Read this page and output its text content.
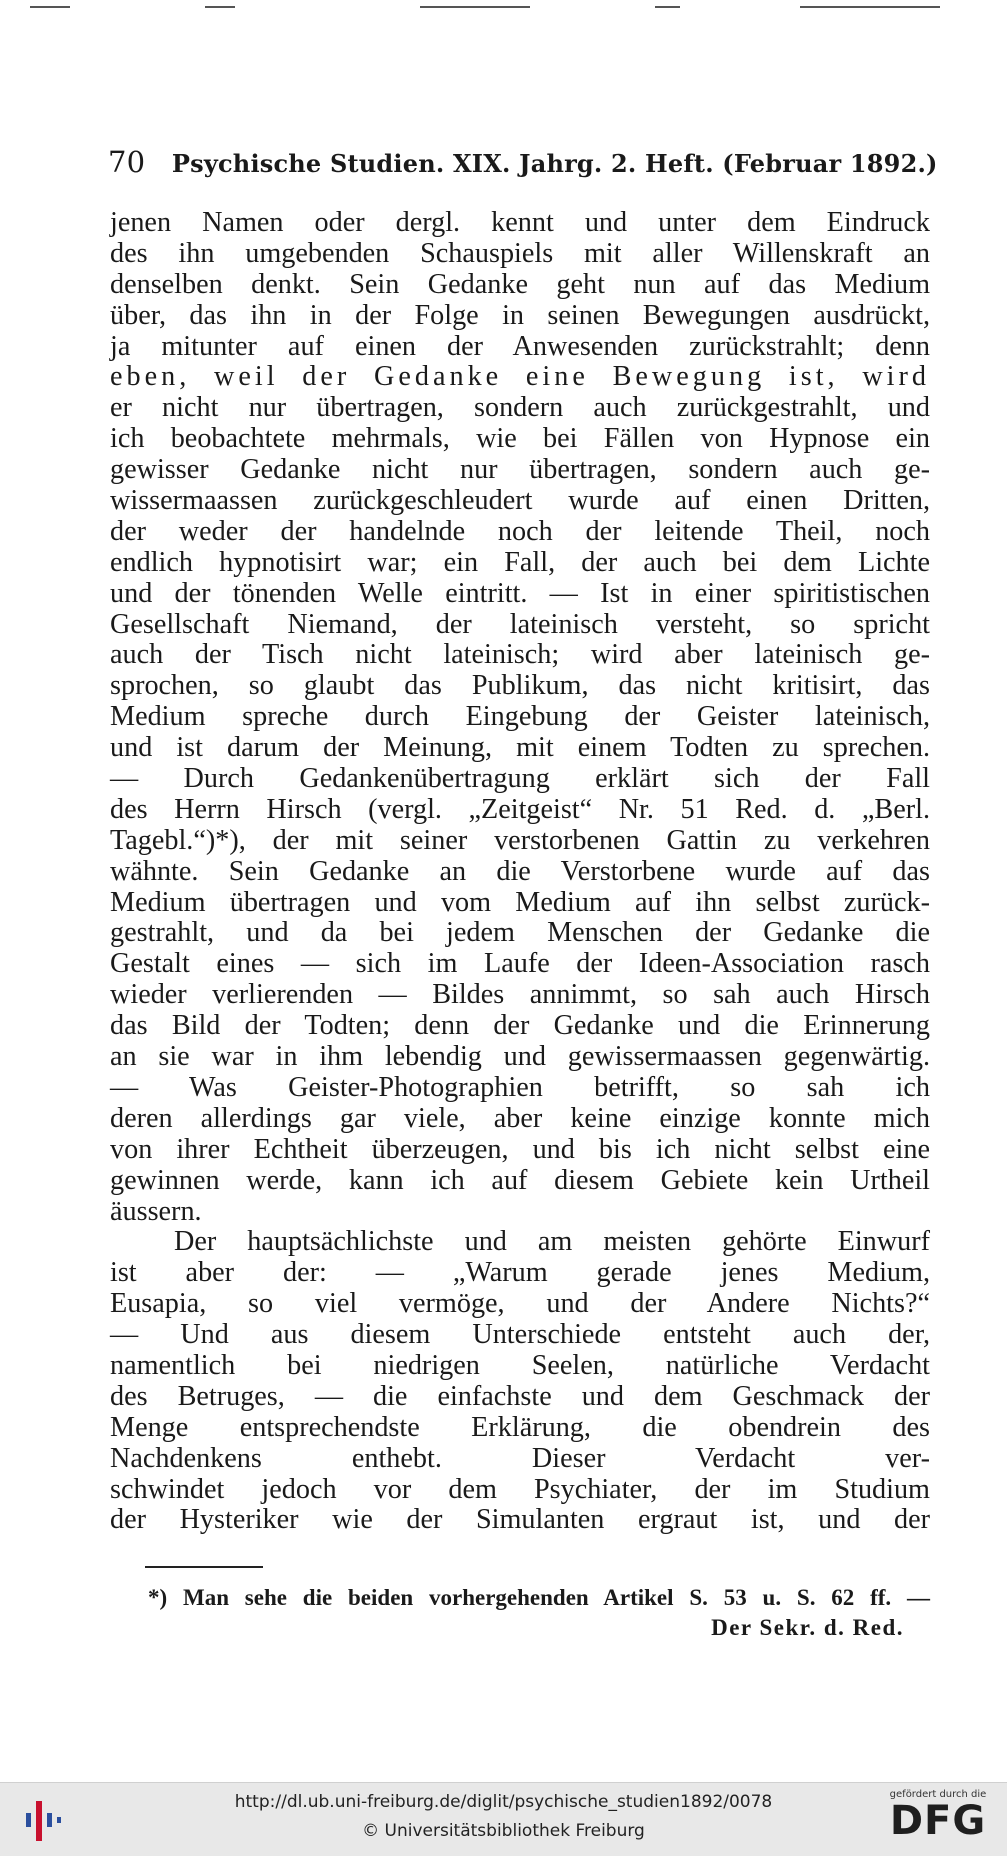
70 Psychische Studien. XIX. Jahrg. 2. Heft. (Februar 1892.)
jenen Namen oder dergl. kennt und unter dem Eindruck
des ihn umgebenden Schauspiels mit aller Willenskraft an
denselben denkt. Sein Gedanke geht nun auf das Medium
über, das ihn in der Folge in seinen Bewegungen ausdrückt,
ja mitunter auf einen der Anwesenden zurückstrahlt; denn
eben, weil der Gedanke eine Bewegung ist, wird
er nicht nur übertragen, sondern auch zurückgestrahlt, und
ich beobachtete mehrmals, wie bei Fällen von Hypnose ein
gewisser Gedanke nicht nur übertragen, sondern auch ge-
wissermaassen zurückgeschleudert wurde auf einen Dritten,
der weder der handelnde noch der leitende Theil, noch
endlich hypnotisirt war; ein Fall, der auch bei dem Lichte
und der tönenden Welle eintritt. — Ist in einer spiritistischen
Gesellschaft Niemand, der lateinisch versteht, so spricht
auch der Tisch nicht lateinisch; wird aber lateinisch ge-
sprochen, so glaubt das Publikum, das nicht kritisirt, das
Medium spreche durch Eingebung der Geister lateinisch,
und ist darum der Meinung, mit einem Todten zu sprechen.
— Durch Gedankenübertragung erklärt sich der Fall
des Herrn Hirsch (vergl. „Zeitgeist“ Nr. 51 Red. d. „Berl.
Tagebl.“)*), der mit seiner verstorbenen Gattin zu verkehren
wähnte. Sein Gedanke an die Verstorbene wurde auf das
Medium übertragen und vom Medium auf ihn selbst zurück-
gestrahlt, und da bei jedem Menschen der Gedanke die
Gestalt eines — sich im Laufe der Ideen-Association rasch
wieder verlierenden — Bildes annimmt, so sah auch Hirsch
das Bild der Todten; denn der Gedanke und die Erinnerung
an sie war in ihm lebendig und gewissermaassen gegenwärtig.
— Was Geister-Photographien betrifft, so sah ich
deren allerdings gar viele, aber keine einzige konnte mich
von ihrer Echtheit überzeugen, und bis ich nicht selbst eine
gewinnen werde, kann ich auf diesem Gebiete kein Urtheil
äussern.
Der hauptsächlichste und am meisten gehörte Einwurf
ist aber der: — „Warum gerade jenes Medium,
Eusapia, so viel vermöge, und der Andere Nichts?“
— Und aus diesem Unterschiede entsteht auch der,
namentlich bei niedrigen Seelen, natürliche Verdacht
des Betruges, — die einfachste und dem Geschmack der
Menge entsprechendste Erklärung, die obendrein des
Nachdenkens enthebt. Dieser Verdacht ver-
schwindet jedoch vor dem Psychiater, der im Studium
der Hysteriker wie der Simulanten ergraut ist, und der
*) Man sehe die beiden vorhergehenden Artikel S. 53 u. S. 62 ff. —
Der Sekr. d. Red.
http://dl.ub.uni-freiburg.de/diglit/psychische_studien1892/0078
© Universitätsbibliothek Freiburg
gefördert durch die
DFG
